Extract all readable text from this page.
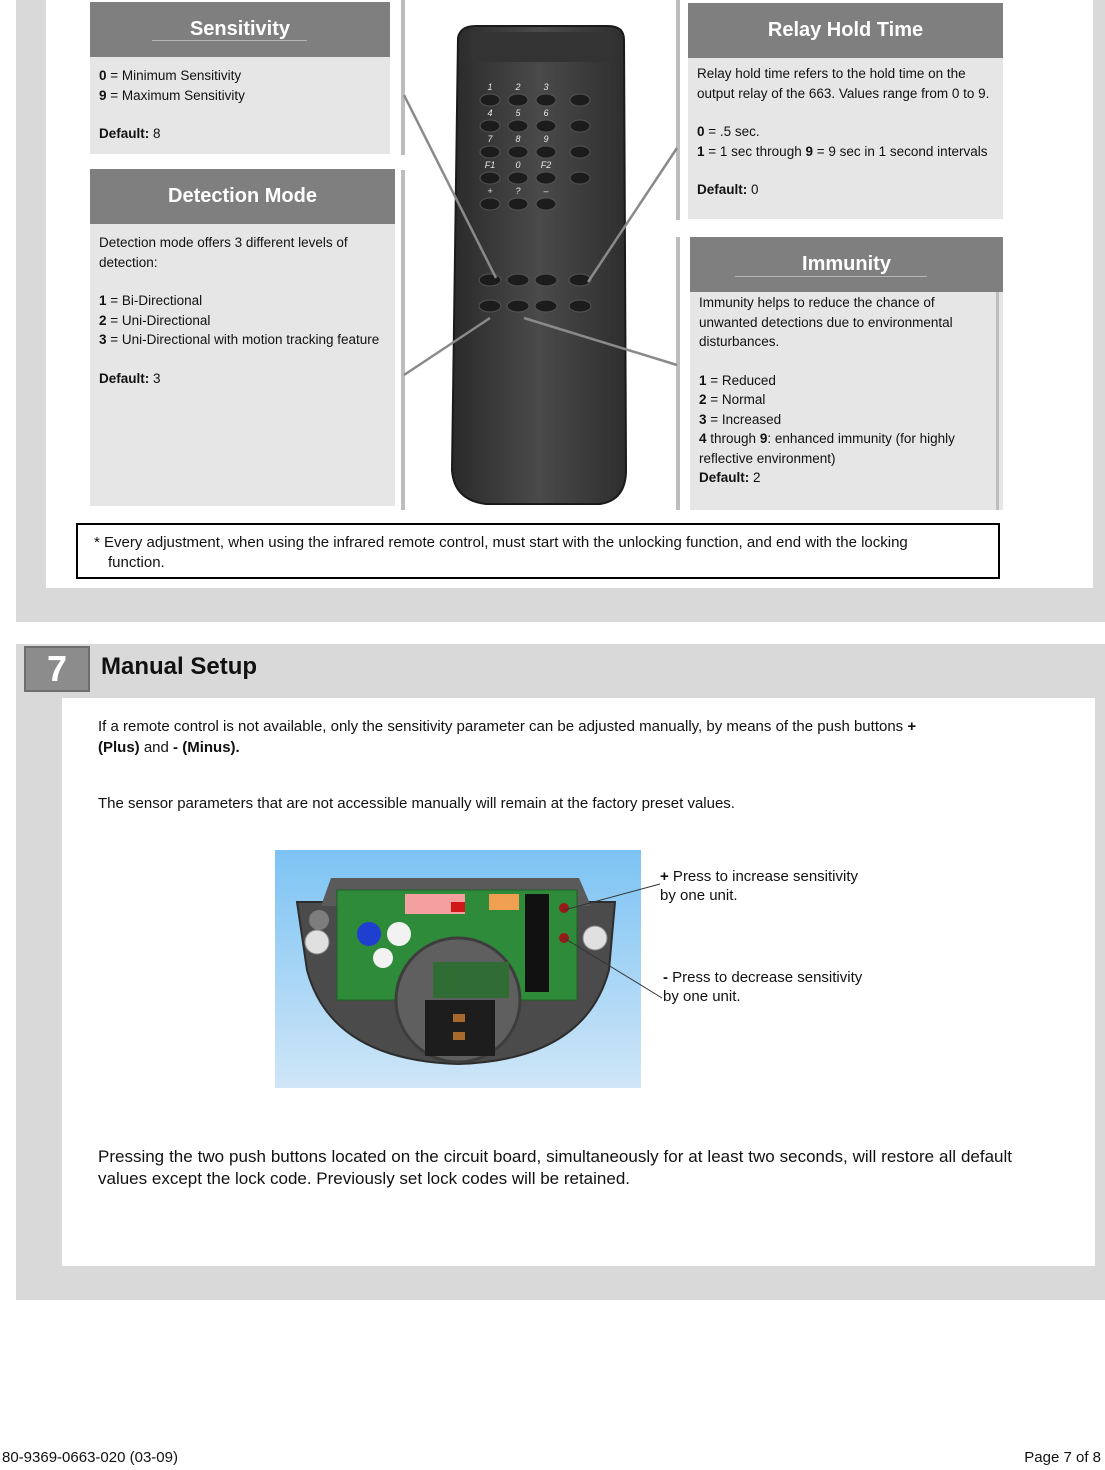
Sensitivity

0 = Minimum Sensitivity

9 = Maximum Sensitivity

Default: 8

Detection Mode

Detection mode offers 3 different levels of detection:

1 = Bi-Directional

2 = Uni-Directional

3 = Uni-Directional with motion tracking feature

Default: 3

Relay Hold Time

Relay hold time refers to the hold time on the output relay of the 663. Values range from 0 to 9.

0 = .5 sec.

1 = 1 sec through 9 = 9 sec in 1 second intervals

Default: 0

Immunity

Immunity helps to reduce the chance of unwanted detections due to environmental disturbances.

1 = Reduced

2 = Normal

3 = Increased

4 through 9: enhanced immunity (for highly reflective environment)

Default: 2

1	2	3
4	5	6
7	8	9
F1 0 F2
+	?	–
* Every adjustment, when using the infrared remote control, must start with the unlocking function, and end with the locking function.
7 Manual Setup
If a remote control is not available, only the sensitivity parameter can be adjusted manually, by means of the push buttons + (Plus) and - (Minus).
The sensor parameters that are not accessible manually will remain at the factory preset values.
+ Press to increase sensitivity by one unit.
- Press to decrease sensitivity by one unit.
Pressing the two push buttons located on the circuit board, simultaneously for at least two seconds, will restore all default values except the lock code. Previously set lock codes will be retained.
80-9369-0663-020 (03-09)	Page 7 of 8
